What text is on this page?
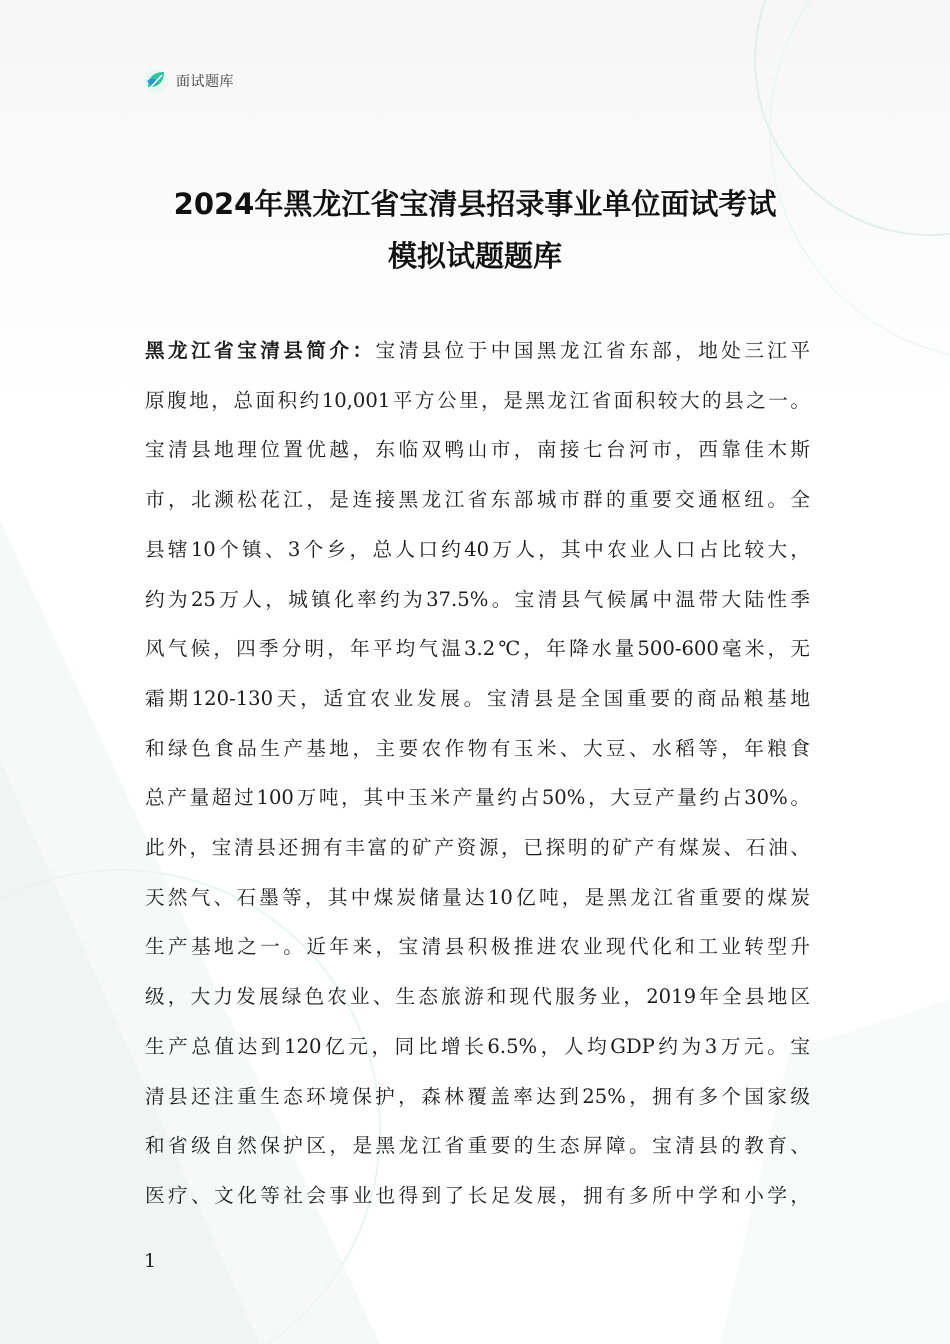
面试题库
2024年黑龙江省宝清县招录事业单位面试考试
模拟试题题库
黑龙江省宝清县简介：宝清县位于中国黑龙江省东部，地处三江平
原腹地，总面积约10,001平方公里，是黑龙江省面积较大的县之一。
宝清县地理位置优越，东临双鸭山市，南接七台河市，西靠佳木斯
市，北濒松花江，是连接黑龙江省东部城市群的重要交通枢纽。全
县辖10个镇、3个乡，总人口约40万人，其中农业人口占比较大，
约为25万人，城镇化率约为37.5%。宝清县气候属中温带大陆性季
风气候，四季分明，年平均气温3.2℃，年降水量500-600毫米，无
霜期120-130天，适宜农业发展。宝清县是全国重要的商品粮基地
和绿色食品生产基地，主要农作物有玉米、大豆、水稻等，年粮食
总产量超过100万吨，其中玉米产量约占50%，大豆产量约占30%。
此外，宝清县还拥有丰富的矿产资源，已探明的矿产有煤炭、石油、
天然气、石墨等，其中煤炭储量达10亿吨，是黑龙江省重要的煤炭
生产基地之一。近年来，宝清县积极推进农业现代化和工业转型升
级，大力发展绿色农业、生态旅游和现代服务业，2019年全县地区
生产总值达到120亿元，同比增长6.5%，人均GDP约为3万元。宝
清县还注重生态环境保护，森林覆盖率达到25%，拥有多个国家级
和省级自然保护区，是黑龙江省重要的生态屏障。宝清县的教育、
医疗、文化等社会事业也得到了长足发展，拥有多所中学和小学，
1
